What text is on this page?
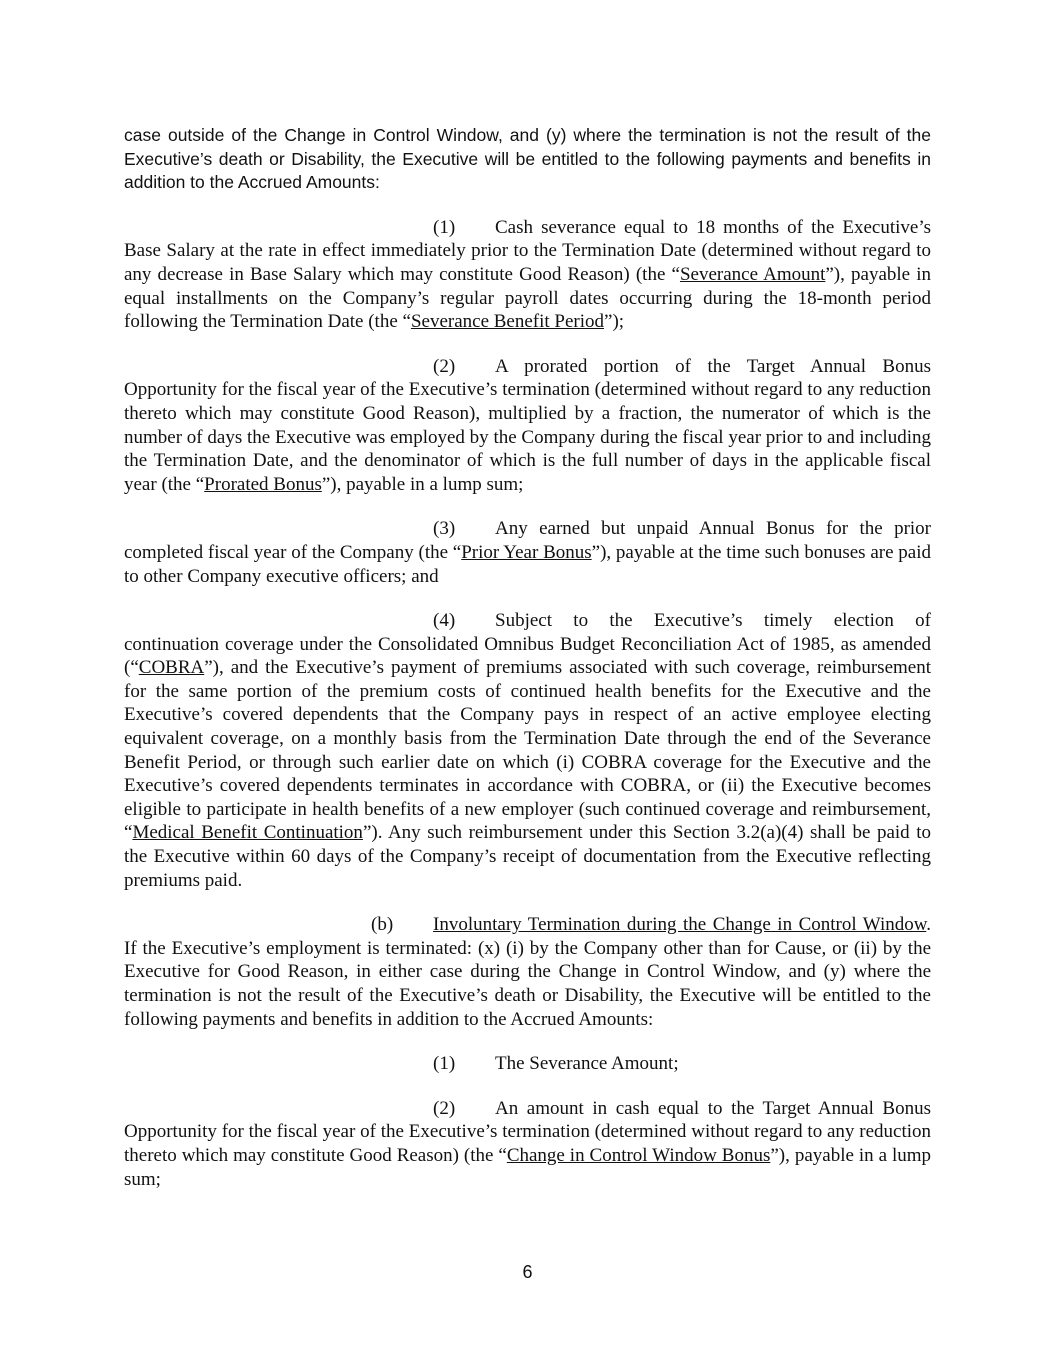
case outside of the Change in Control Window, and (y) where the termination is not the result of the Executive’s death or Disability, the Executive will be entitled to the following payments and benefits in addition to the Accrued Amounts:

(1) Cash severance equal to 18 months of the Executive’s Base Salary at the rate in effect immediately prior to the Termination Date (determined without regard to any decrease in Base Salary which may constitute Good Reason) (the “Severance Amount”), payable in equal installments on the Company’s regular payroll dates occurring during the 18-month period following the Termination Date (the “Severance Benefit Period”);

(2) A prorated portion of the Target Annual Bonus Opportunity for the fiscal year of the Executive’s termination (determined without regard to any reduction thereto which may constitute Good Reason), multiplied by a fraction, the numerator of which is the number of days the Executive was employed by the Company during the fiscal year prior to and including the Termination Date, and the denominator of which is the full number of days in the applicable fiscal year (the “Prorated Bonus”), payable in a lump sum;

(3) Any earned but unpaid Annual Bonus for the prior completed fiscal year of the Company (the “Prior Year Bonus”), payable at the time such bonuses are paid to other Company executive officers; and

(4) Subject to the Executive’s timely election of continuation coverage under the Consolidated Omnibus Budget Reconciliation Act of 1985, as amended (“COBRA”), and the Executive’s payment of premiums associated with such coverage, reimbursement for the same portion of the premium costs of continued health benefits for the Executive and the Executive’s covered dependents that the Company pays in respect of an active employee electing equivalent coverage, on a monthly basis from the Termination Date through the end of the Severance Benefit Period, or through such earlier date on which (i) COBRA coverage for the Executive and the Executive’s covered dependents terminates in accordance with COBRA, or (ii) the Executive becomes eligible to participate in health benefits of a new employer (such continued coverage and reimbursement, “Medical Benefit Continuation”). Any such reimbursement under this Section 3.2(a)(4) shall be paid to the Executive within 60 days of the Company’s receipt of documentation from the Executive reflecting premiums paid.

(b) Involuntary Termination during the Change in Control Window. If the Executive’s employment is terminated: (x) (i) by the Company other than for Cause, or (ii) by the Executive for Good Reason, in either case during the Change in Control Window, and (y) where the termination is not the result of the Executive’s death or Disability, the Executive will be entitled to the following payments and benefits in addition to the Accrued Amounts:

(1) The Severance Amount;

(2) An amount in cash equal to the Target Annual Bonus Opportunity for the fiscal year of the Executive’s termination (determined without regard to any reduction thereto which may constitute Good Reason) (the “Change in Control Window Bonus”), payable in a lump sum;

6
